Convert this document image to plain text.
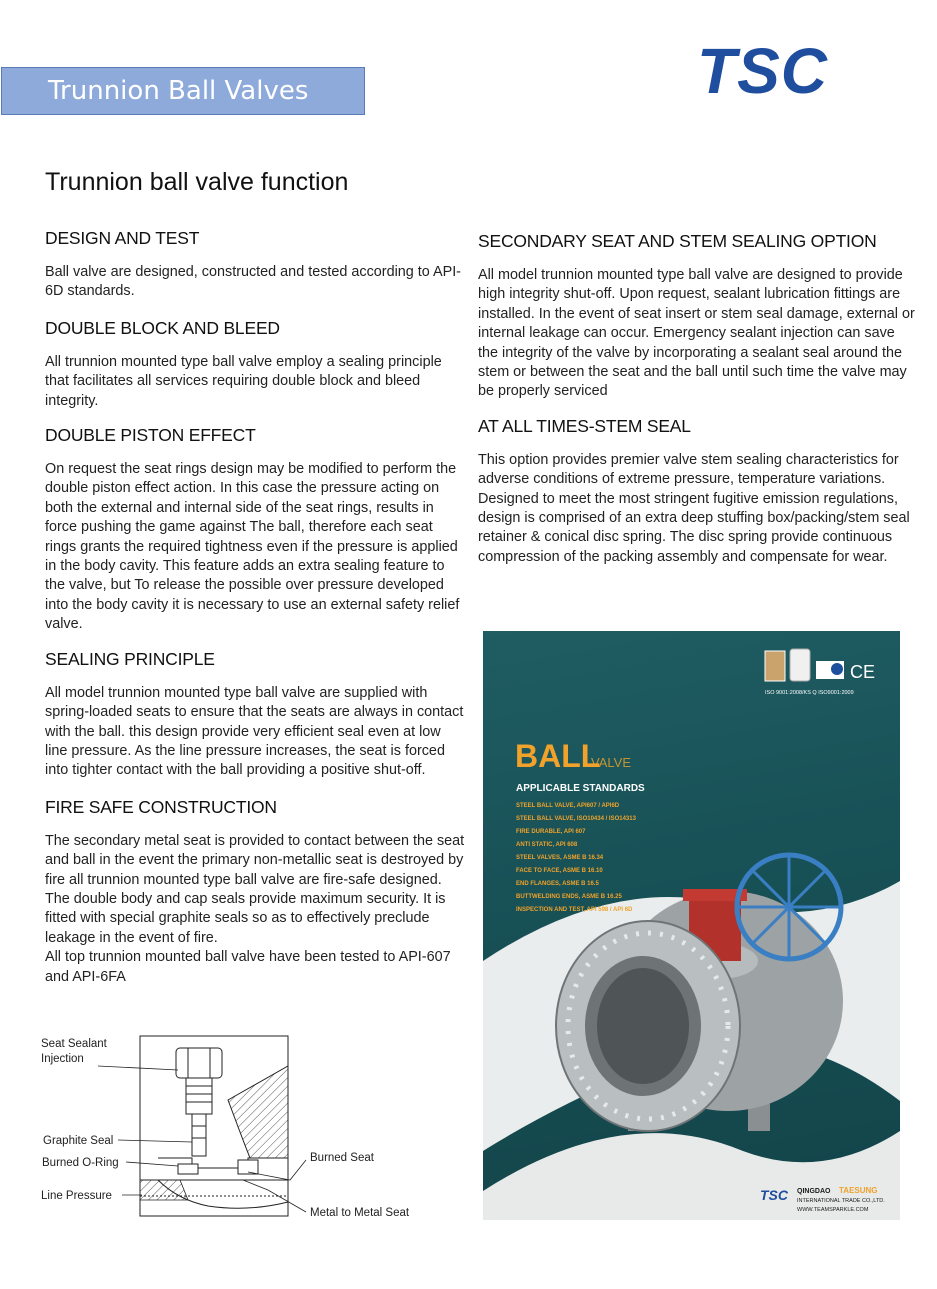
Trunnion Ball Valves	TSC
Trunnion ball valve function
DESIGN AND TEST

Ball valve are designed, constructed and tested according to API-6D standards.

DOUBLE BLOCK AND BLEED

All trunnion mounted type ball valve employ a sealing principle that facilitates all services requiring double block and bleed integrity.

DOUBLE PISTON EFFECT

On request the seat rings design may be modified to perform the double piston effect action. In this case the pressure acting on both the external and internal side of the seat rings, results in force pushing the game against The ball, therefore each seat rings grants the required tightness even if the pressure is applied in the body cavity. This feature adds an extra sealing feature to the valve, but To release the possible over pressure developed into the body cavity it is necessary to use an external safety relief valve.

SEALING PRINCIPLE

All model trunnion mounted type ball valve are supplied with spring-loaded seats to ensure that the seats are always in contact with the ball. this design provide very efficient seal even at low line pressure. As the line pressure increases, the seat is forced into tighter contact with the ball providing a positive shut-off.

FIRE SAFE CONSTRUCTION

The secondary metal seat is provided to contact between the seat and ball in the event the primary non-metallic seat is destroyed by fire all trunnion mounted type ball valve are fire-safe designed. The double body and cap seals provide maximum security. It is fitted with special graphite seals so as to effectively preclude leakage in the event of fire.

All top trunnion mounted ball valve have been tested to API-607 and API-6FA

SECONDARY SEAT AND STEM SEALING OPTION

All model trunnion mounted type ball valve are designed to provide high integrity shut-off. Upon request, sealant lubrication fittings are installed. In the event of seat insert or stem seal damage, external or internal leakage can occur. Emergency sealant injection can save the integrity of the valve by incorporating a sealant seal around the stem or between the seat and the ball until such time the valve may be properly serviced

AT ALL TIMES-STEM SEAL

This option provides premier valve stem sealing characteristics for adverse conditions of extreme pressure, temperature variations. Designed to meet the most stringent fugitive emission regulations, design is comprised of an extra deep stuffing box/packing/stem seal retainer & conical disc spring. The disc spring provide continuous compression of the packing assembly and compensate for wear.

Seat Sealant
Injection
Graphite Seal
Burned O-Ring
Line Pressure
Burned Seat
Metal to Metal Seat
CE
ISO 9001:2008/KS Q ISO9001:2009
BALL
VALVE
APPLICABLE STANDARDS
STEEL BALL VALVE, API607 / API6D
STEEL BALL VALVE, ISO10434 / ISO14313
FIRE DURABLE, API 607
ANTI STATIC, API 608
STEEL VALVES, ASME B 16.34
FACE TO FACE, ASME B 16.10
END FLANGES, ASME B 16.5
BUTTWELDING ENDS, ASME B 16.25
INSPECTION AND TEST, API 598 / API 6D
TSC QINGDAO TAESUNG
INTERNATIONAL TRADE CO.,LTD.
WWW.TEAMSPARKLE.COM
